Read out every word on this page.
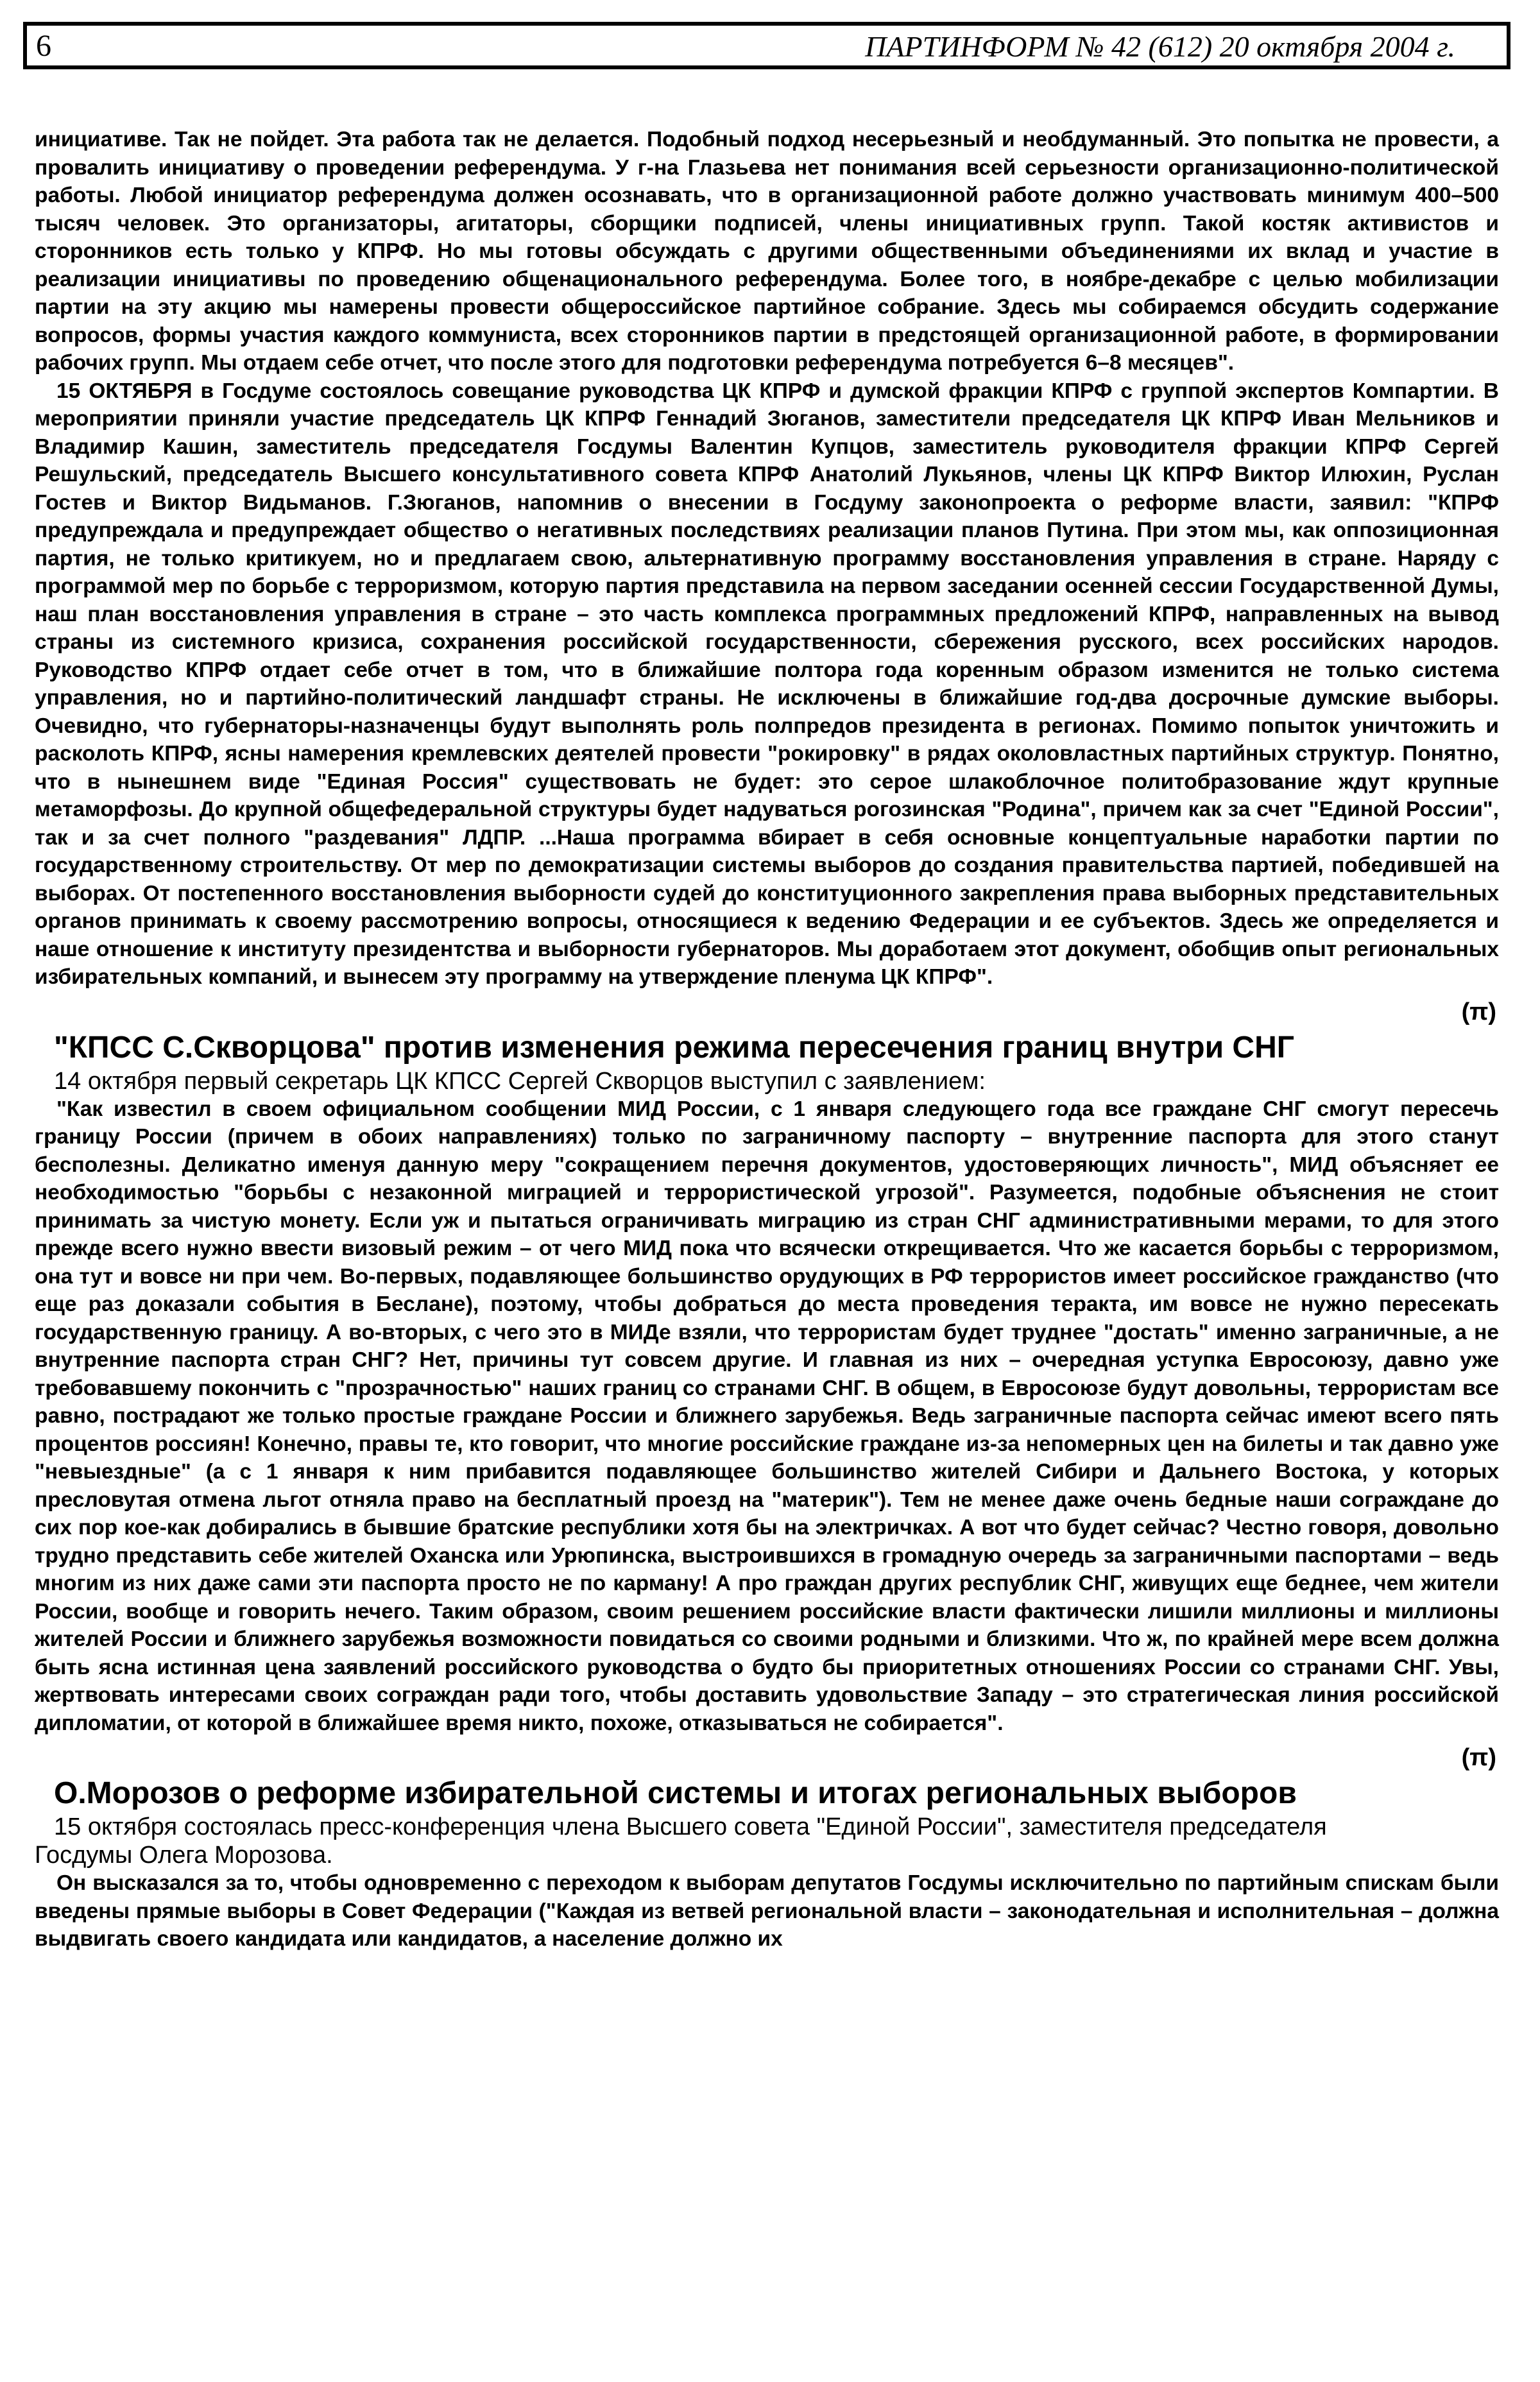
6	ПАРТИНФОРМ № 42 (612) 20 октября 2004 г.

инициативе. Так не пойдет. Эта работа так не делается. Подобный подход несерьезный и необдуманный. Это попытка не провести, а провалить инициативу о проведении референдума. У г-на Глазьева нет понимания всей серьезности организационно-политической работы. Любой инициатор референдума должен осознавать, что в организационной работе должно участвовать минимум 400–500 тысяч человек. Это организаторы, агитаторы, сборщики подписей, члены инициативных групп. Такой костяк активистов и сторонников есть только у КПРФ. Но мы готовы обсуждать с другими общественными объединениями их вклад и участие в реализации инициативы по проведению общенационального референдума. Более того, в ноябре-декабре с целью мобилизации партии на эту акцию мы намерены провести общероссийское партийное собрание. Здесь мы собираемся обсудить содержание вопросов, формы участия каждого коммуниста, всех сторонников партии в предстоящей организационной работе, в формировании рабочих групп. Мы отдаем себе отчет, что после этого для подготовки референдума потребуется 6–8 месяцев".

15 ОКТЯБРЯ в Госдуме состоялось совещание руководства ЦК КПРФ и думской фракции КПРФ с группой экспертов Компартии. В мероприятии приняли участие председатель ЦК КПРФ Геннадий Зюганов, заместители председателя ЦК КПРФ Иван Мельников и Владимир Кашин, заместитель председателя Госдумы Валентин Купцов, заместитель руководителя фракции КПРФ Сергей Решульский, председатель Высшего консультативного совета КПРФ Анатолий Лукьянов, члены ЦК КПРФ Виктор Илюхин, Руслан Гостев и Виктор Видьманов. Г.Зюганов, напомнив о внесении в Госдуму законопроекта о реформе власти, заявил: "КПРФ предупреждала и предупреждает общество о негативных последствиях реализации планов Путина. При этом мы, как оппозиционная партия, не только критикуем, но и предлагаем свою, альтернативную программу восстановления управления в стране. Наряду с программой мер по борьбе с терроризмом, которую партия представила на первом заседании осенней сессии Государственной Думы, наш план восстановления управления в стране – это часть комплекса программных предложений КПРФ, направленных на вывод страны из системного кризиса, сохранения российской государственности, сбережения русского, всех российских народов. Руководство КПРФ отдает себе отчет в том, что в ближайшие полтора года коренным образом изменится не только система управления, но и партийно-политический ландшафт страны. Не исключены в ближайшие год-два досрочные думские выборы. Очевидно, что губернаторы-назначенцы будут выполнять роль полпредов президента в регионах. Помимо попыток уничтожить и расколоть КПРФ, ясны намерения кремлевских деятелей провести "рокировку" в рядах околовластных партийных структур. Понятно, что в нынешнем виде "Единая Россия" существовать не будет: это серое шлакоблочное политобразование ждут крупные метаморфозы. До крупной общефедеральной структуры будет надуваться рогозинская "Родина", причем как за счет "Единой России", так и за счет полного "раздевания" ЛДПР. ...Наша программа вбирает в себя основные концептуальные наработки партии по государственному строительству. От мер по демократизации системы выборов до создания правительства партией, победившей на выборах. От постепенного восстановления выборности судей до конституционного закрепления права выборных представительных органов принимать к своему рассмотрению вопросы, относящиеся к ведению Федерации и ее субъектов. Здесь же определяется и наше отношение к институту президентства и выборности губернаторов. Мы доработаем этот документ, обобщив опыт региональных избирательных компаний, и вынесем эту программу на утверждение пленума ЦК КПРФ".

(π)
"КПСС С.Скворцова" против изменения режима пересечения границ внутри СНГ

14 октября первый секретарь ЦК КПСС Сергей Скворцов выступил с заявлением:

"Как известил в своем официальном сообщении МИД России, с 1 января следующего года все граждане СНГ смогут пересечь границу России (причем в обоих направлениях) только по заграничному паспорту – внутренние паспорта для этого станут бесполезны. Деликатно именуя данную меру "сокращением перечня документов, удостоверяющих личность", МИД объясняет ее необходимостью "борьбы с незаконной миграцией и террористической угрозой". Разумеется, подобные объяснения не стоит принимать за чистую монету. Если уж и пытаться ограничивать миграцию из стран СНГ административными мерами, то для этого прежде всего нужно ввести визовый режим – от чего МИД пока что всячески открещивается. Что же касается борьбы с терроризмом, она тут и вовсе ни при чем. Во-первых, подавляющее большинство орудующих в РФ террористов имеет российское гражданство (что еще раз доказали события в Беслане), поэтому, чтобы добраться до места проведения теракта, им вовсе не нужно пересекать государственную границу. А во-вторых, с чего это в МИДе взяли, что террористам будет труднее "достать" именно заграничные, а не внутренние паспорта стран СНГ? Нет, причины тут совсем другие. И главная из них – очередная уступка Евросоюзу, давно уже требовавшему покончить с "прозрачностью" наших границ со странами СНГ. В общем, в Евросоюзе будут довольны, террористам все равно, пострадают же только простые граждане России и ближнего зарубежья. Ведь заграничные паспорта сейчас имеют всего пять процентов россиян! Конечно, правы те, кто говорит, что многие российские граждане из-за непомерных цен на билеты и так давно уже "невыездные" (а с 1 января к ним прибавится подавляющее большинство жителей Сибири и Дальнего Востока, у которых пресловутая отмена льгот отняла право на бесплатный проезд на "материк"). Тем не менее даже очень бедные наши сограждане до сих пор кое-как добирались в бывшие братские республики хотя бы на электричках. А вот что будет сейчас? Честно говоря, довольно трудно представить себе жителей Оханска или Урюпинска, выстроившихся в громадную очередь за заграничными паспортами – ведь многим из них даже сами эти паспорта просто не по карману! А про граждан других республик СНГ, живущих еще беднее, чем жители России, вообще и говорить нечего. Таким образом, своим решением российские власти фактически лишили миллионы и миллионы жителей России и ближнего зарубежья возможности повидаться со своими родными и близкими. Что ж, по крайней мере всем должна быть ясна истинная цена заявлений российского руководства о будто бы приоритетных отношениях России со странами СНГ. Увы, жертвовать интересами своих сограждан ради того, чтобы доставить удовольствие Западу – это стратегическая линия российской дипломатии, от которой в ближайшее время никто, похоже, отказываться не собирается".

(π)
О.Морозов о реформе избирательной системы и итогах региональных выборов

15 октября состоялась пресс-конференция члена Высшего совета "Единой России", заместителя председателя

Госдумы Олега Морозова.

Он высказался за то, чтобы одновременно с переходом к выборам депутатов Госдумы исключительно по партийным спискам были введены прямые выборы в Совет Федерации ("Каждая из ветвей региональной власти – законодательная и исполнительная – должна выдвигать своего кандидата или кандидатов, а население должно их
